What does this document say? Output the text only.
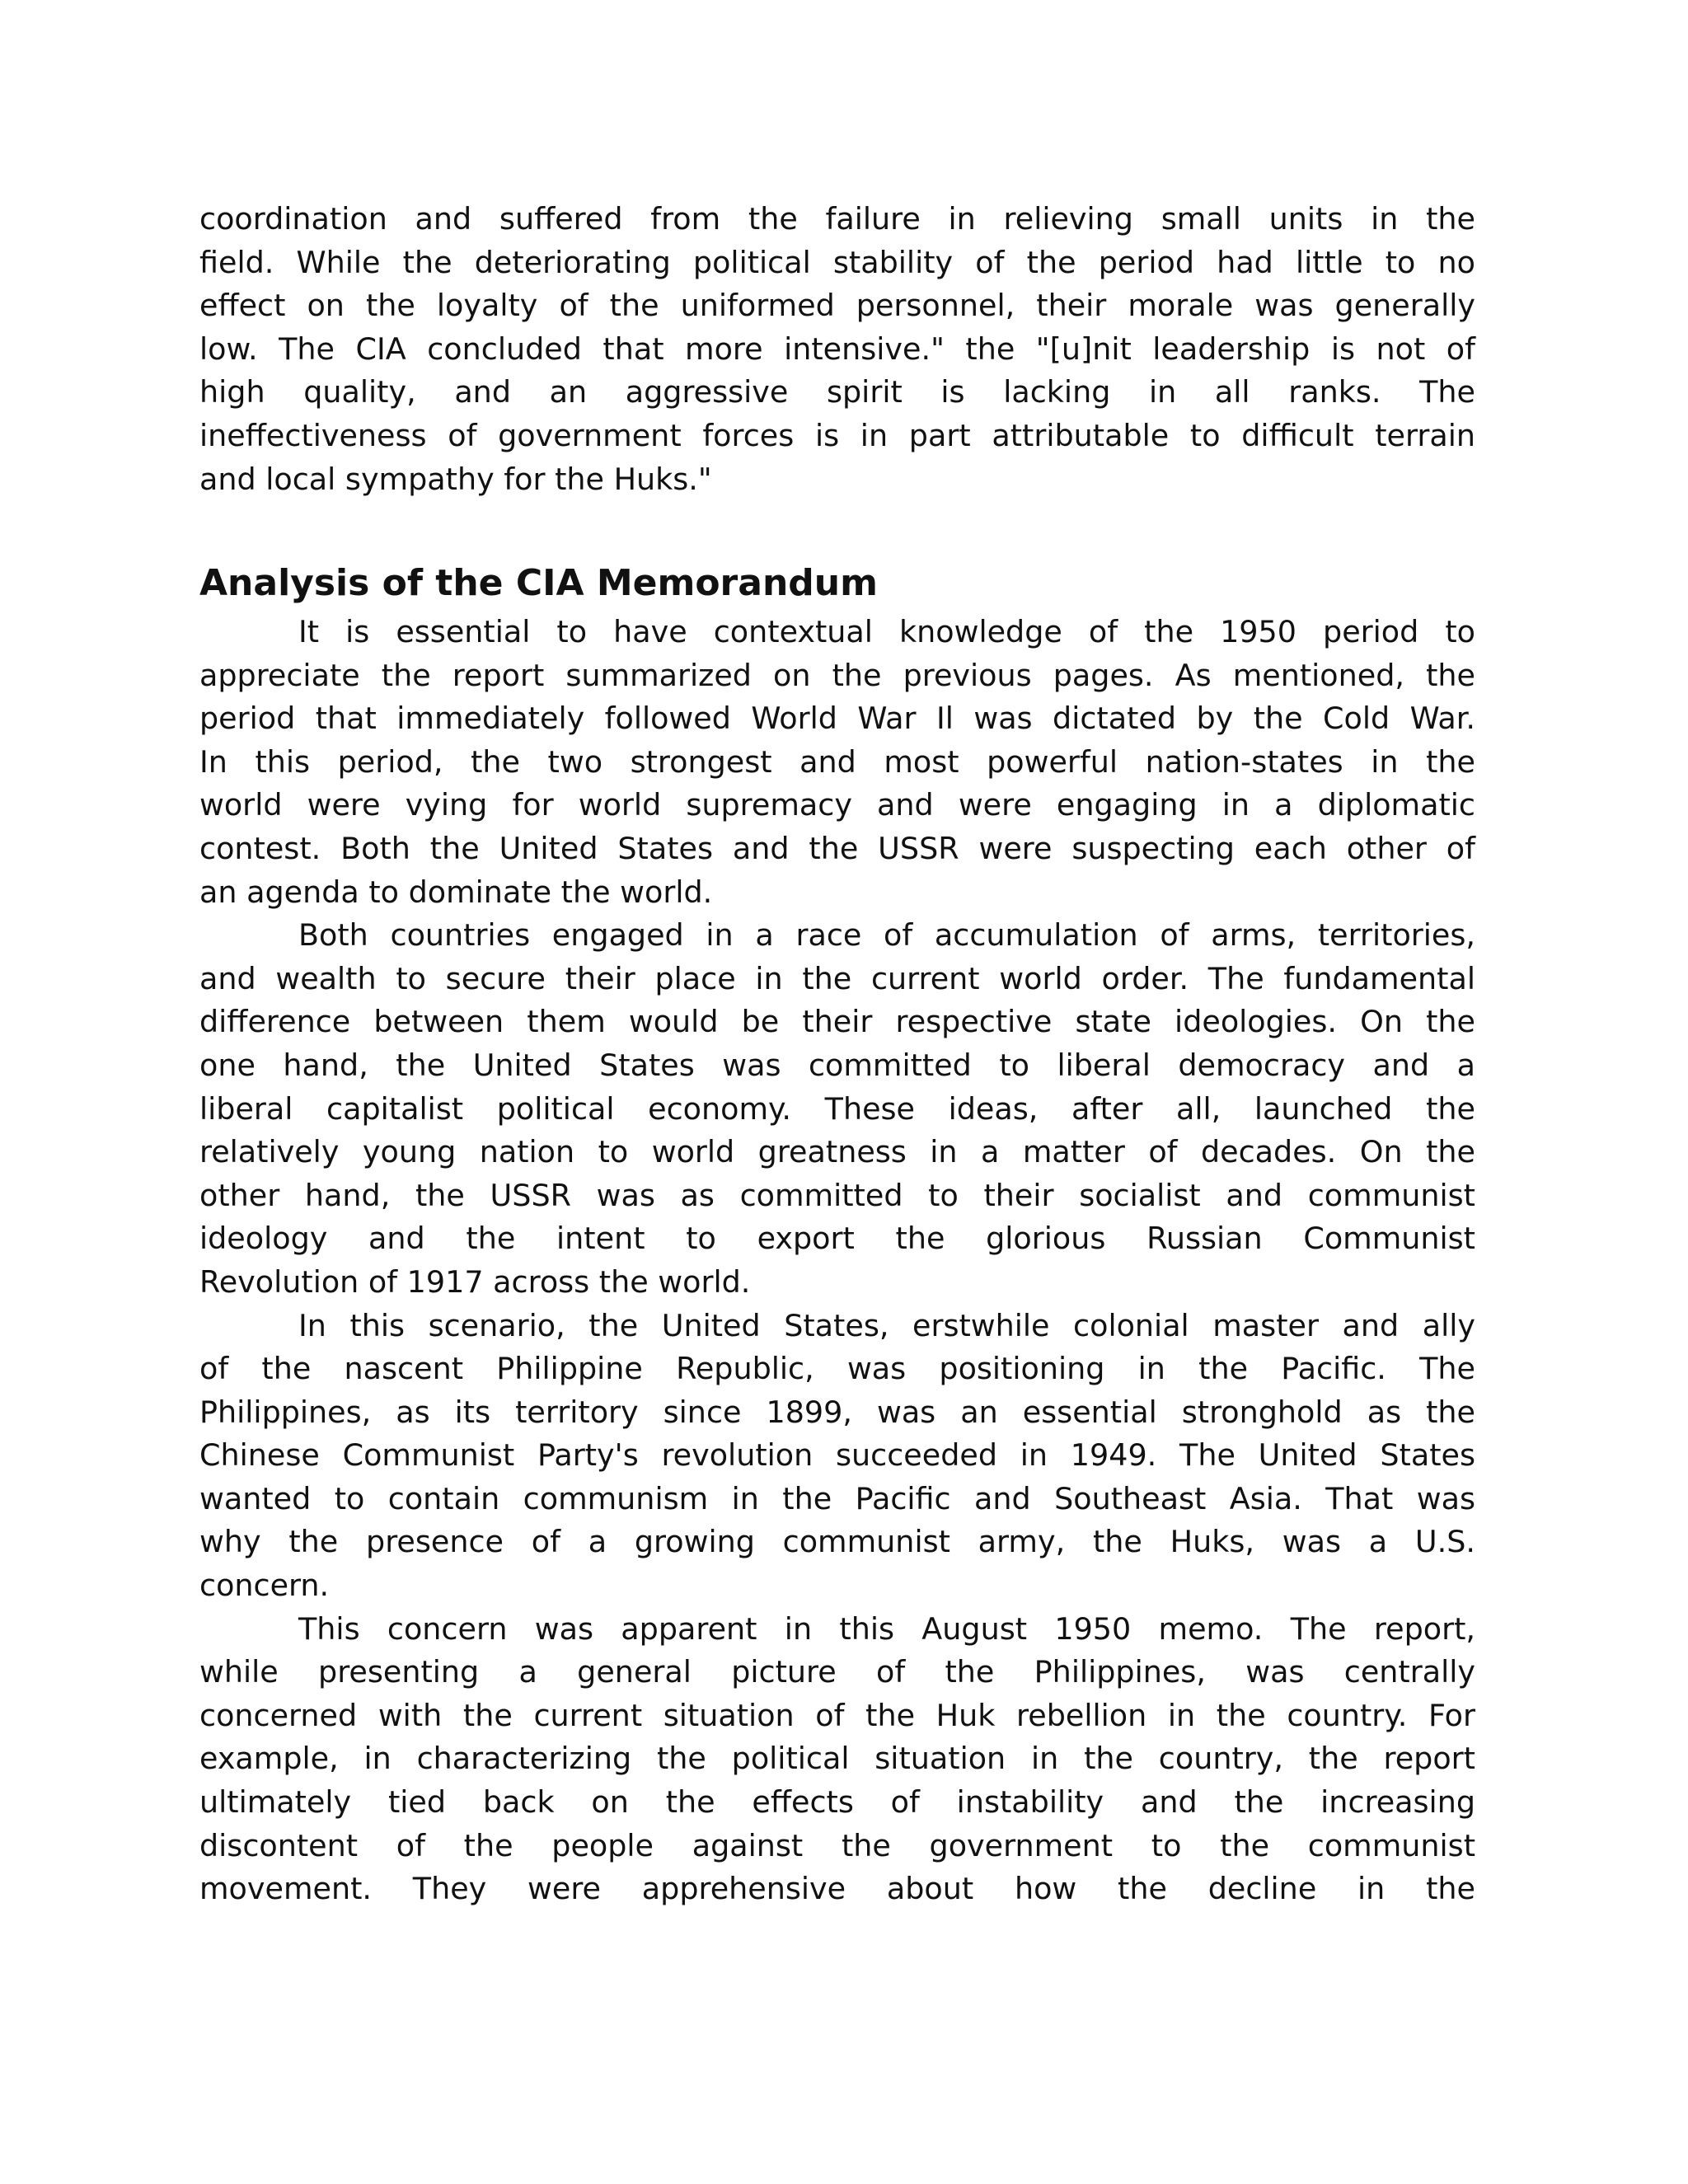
coordination and suffered from the failure in relieving small units in the
field. While the deteriorating political stability of the period had little to no
effect on the loyalty of the uniformed personnel, their morale was generally
low. The CIA concluded that more intensive." the "[u]nit leadership is not of
high quality, and an aggressive spirit is lacking in all ranks. The
ineffectiveness of government forces is in part attributable to difficult terrain
and local sympathy for the Huks."
Analysis of the CIA Memorandum
It is essential to have contextual knowledge of the 1950 period to
appreciate the report summarized on the previous pages. As mentioned, the
period that immediately followed World War Il was dictated by the Cold War.
In this period, the two strongest and most powerful nation-states in the
world were vying for world supremacy and were engaging in a diplomatic
contest. Both the United States and the USSR were suspecting each other of
an agenda to dominate the world.
Both countries engaged in a race of accumulation of arms, territories,
and wealth to secure their place in the current world order. The fundamental
difference between them would be their respective state ideologies. On the
one hand, the United States was committed to liberal democracy and a
liberal capitalist political economy. These ideas, after all, launched the
relatively young nation to world greatness in a matter of decades. On the
other hand, the USSR was as committed to their socialist and communist
ideology and the intent to export the glorious Russian Communist
Revolution of 1917 across the world.
In this scenario, the United States, erstwhile colonial master and ally
of the nascent Philippine Republic, was positioning in the Pacific. The
Philippines, as its territory since 1899, was an essential stronghold as the
Chinese Communist Party's revolution succeeded in 1949. The United States
wanted to contain communism in the Pacific and Southeast Asia. That was
why the presence of a growing communist army, the Huks, was a U.S.
concern.
This concern was apparent in this August 1950 memo. The report,
while presenting a general picture of the Philippines, was centrally
concerned with the current situation of the Huk rebellion in the country. For
example, in characterizing the political situation in the country, the report
ultimately tied back on the effects of instability and the increasing
discontent of the people against the government to the communist
movement. They were apprehensive about how the decline in the
